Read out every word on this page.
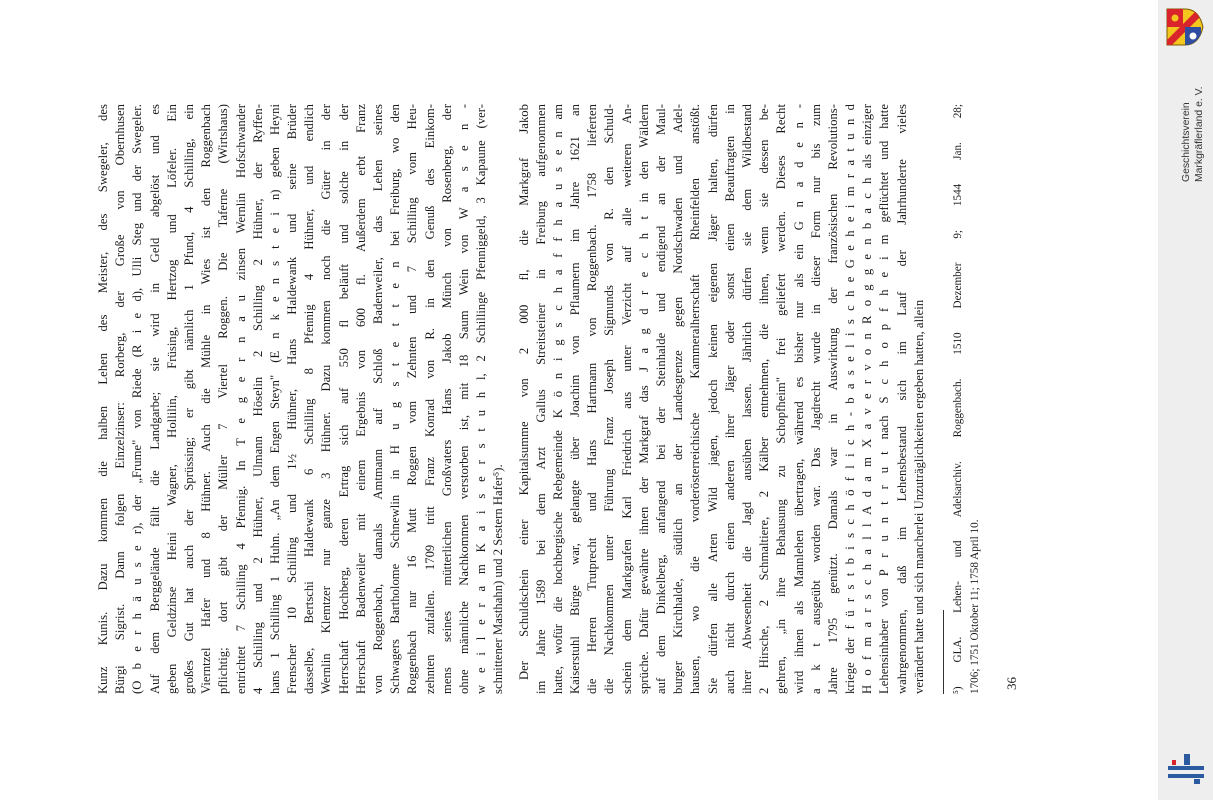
Kunz Kunis. Dazu kommen die halben Lehen des Meister, des Swegeler, des Bürgi Sigrist. Dann folgen Einzelzinser: Rorberg, der Große von Obernhusen (O b e r h ä u s e r), der „Frume" von Riede (R i e d), Ulli Steg und der Swegeler. Auf dem Berggelände fällt die Landgarbe; sie wird in Geld abgelöst und es geben Geldzinse Heini Wagner, Hollilin, Früsing, Hertzog und Löfeler. Ein großes Gut hat auch der Sprüssing; er gibt nämlich 1 Pfund, 4 Schilling, ein Vierntzel Hafer und 8 Hühner. Auch die Mühle in Wies ist den Roggenbach pflichtig; dort gibt der Müller 7 Viertel Roggen. Die Taferne (Wirtshaus) entrichtet 7 Schilling 4 Pfennig. In T e g e r n a u zinsen Wernlin Hofschwander 4 Schilling und 2 Hühner, Ulmann Höselin 2 Schilling 2 Hühner, der Ryffen- hans 1 Schilling 1 Huhn. „An dem Engen Steyn" (E n k e n s t e i n) geben Heyni Frenscher 10 Schilling und 1½ Hühner, Hans Haldewank und seine Brüder dasselbe, Bertschi Haldewank 6 Schilling 8 Pfennig 4 Hühner, und endlich Wernlin Klemtzer nur ganze 3 Hühner. Dazu kommen noch die Güter in der Herrschaft Hochberg, deren Ertrag sich auf 550 fl beläuft und solche in der Herrschaft Badenweiler mit einem Ergebnis von 600 fl. Außerdem erbt Franz von Roggenbach, damals Amtmann auf Schloß Badenweiler, das Lehen seines Schwagers Bartholome Schnewlin in H u g s t e t t e n bei Freiburg, wo den Roggenbach nur 16 Mutt Roggen vom Zehnten und 7 Schilling vom Heu- zehnten zufallen. 1709 tritt Franz Konrad von R. in den Genuß des Einkom- mens seines mütterlichen Großvaters Hans Jakob Münch von Rosenberg, der ohne männliche Nachkommen verstorben ist, mit 18 Saum Wein von W a s e n - w e i l e r a m K a i s e r s t u h l, 2 Schillinge Pfenniggeld, 3 Kapaune (ver- schnittener Masthahn) und 2 Sestern Hafer⁵). Der Schuldschein einer Kapitalsumme von 2 000 fl, die Markgraf Jakob im Jahre 1589 bei dem Arzt Gallus Streitsteiner in Freiburg aufgenommen hatte, wofür die hochbergische Rebgemeinde K ö n i g s c h a f f h a u s e n am Kaiserstuhl Bürge war, gelangte über Joachim von Pflaumern im Jahre 1621 an die Herren Trutprecht und Hans Hartmann von Roggenbach. 1758 lieferten die Nachkommen unter Führung Franz Joseph Sigmunds von R. den Schuld- schein dem Markgrafen Karl Friedrich aus unter Verzicht auf alle weiteren An- sprüche. Dafür gewährte ihnen der Markgraf das J a g d r e c h t in den Wäldern auf dem Dinkelberg, anfangend bei der Steinhalde und endigend an der Maul- burger Kirchhalde, südlich an der Landesgrenze gegen Nordschwaden und Adel- hausen, wo die vorderösterreichische Kammeralherrschaft Rheinfelden anstößt. Sie dürfen alle Arten Wild jagen, jedoch keinen eigenen Jäger halten, dürfen auch nicht durch einen anderen ihrer Jäger oder sonst einen Beauftragten in ihrer Abwesenheit die Jagd ausüben lassen. Jährlich dürfen sie dem Wildbestand 2 Hirsche, 2 Schmaltiere, 2 Kälber entnehmen, die ihnen, wenn sie dessen be- gehren, „in ihre Behausung zu Schopfheim" frei geliefert werden. Dieses Recht wird ihnen als Mannlehen übertragen, während es bisher nur als ein G n a d e n - a k t ausgeübt worden war. Das Jagdrecht wurde in dieser Form nur bis zum Jahre 1795 genützt. Damals war in Auswirkung der französischen Revolutions- kriege der f ü r s t b i s c h ö f l i c h - b a s e l i s c h e G e h e i m r a t u n d H o f m a r s c h a l l A d a m X a v e r v o n R o g g e n b a c h als einziger Lehensinhaber von P r u n t r u t nach S c h o p f h e i m geflüchtet und hatte wahrgenommen, daß im Lehensbestand sich im Lauf der Jahrhunderte vieles verändert hatte und sich mancherlei Unzuträglichkeiten ergeben hatten, allein ⁵) GLA. Lehen- und Adelsarchiv. Roggenbach. 1510 Dezember 9; 1544 Jan. 28; 1706; 1751 Oktober 11; 1758 April 10. 36
Geschichtsverein Markgräflerland e. V.
